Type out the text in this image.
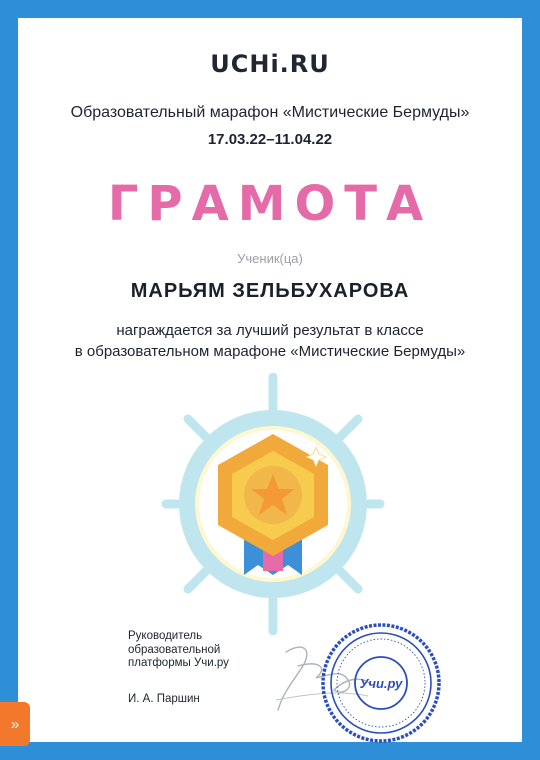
UCHi.RU
Образовательный марафон «Мистические Бермуды»
17.03.22–11.04.22
ГРАМОТА
Ученик(ца)
МАРЬЯМ ЗЕЛЬБУХАРОВА
награждается за лучший результат в классе
в образовательном марафоне «Мистические Бермуды»
Руководитель
образовательной
платформы Учи.ру
И. А. Паршин
Учи.ру
»
